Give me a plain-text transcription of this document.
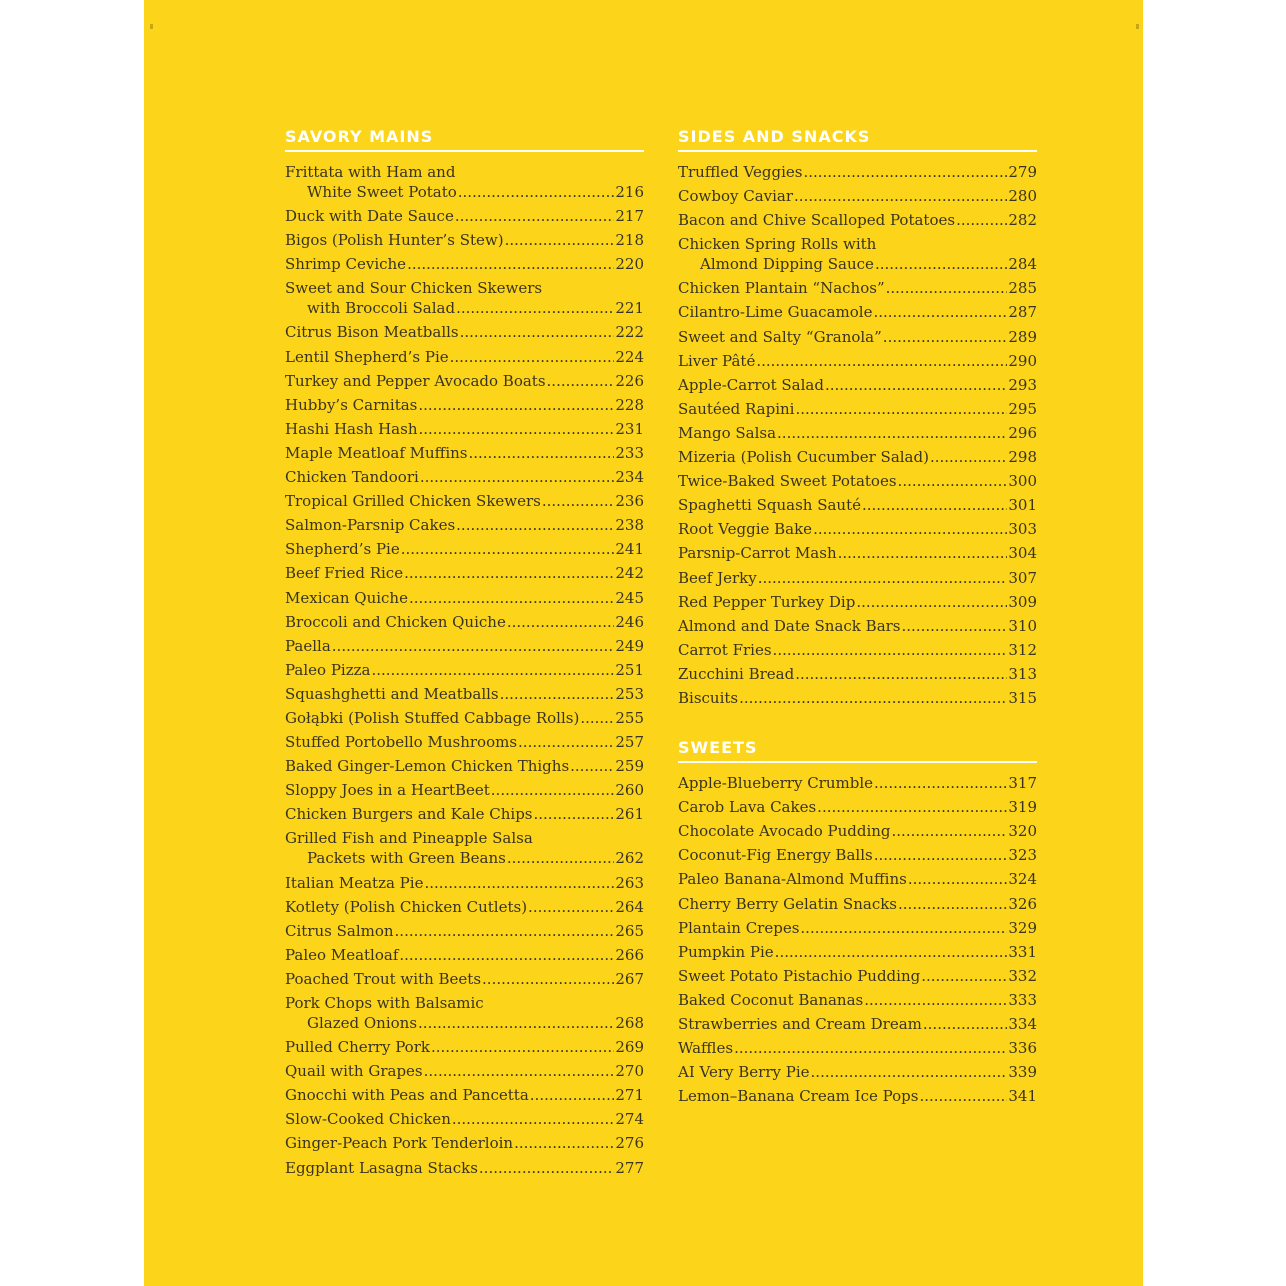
SAVORY MAINS
Frittata with Ham and
White Sweet Potato .....	216
Duck with Date Sauce .....	217
Bigos (Polish Hunter’s Stew) .....	218
Shrimp Ceviche .....	220
Sweet and Sour Chicken Skewers
with Broccoli Salad .....	221
Citrus Bison Meatballs .....	222
Lentil Shepherd’s Pie .....	224
Turkey and Pepper Avocado Boats .....	226
Hubby’s Carnitas .....	228
Hashi Hash Hash .....	231
Maple Meatloaf Muffins .....	233
Chicken Tandoori .....	234
Tropical Grilled Chicken Skewers .....	236
Salmon-Parsnip Cakes .....	238
Shepherd’s Pie .....	241
Beef Fried Rice .....	242
Mexican Quiche .....	245
Broccoli and Chicken Quiche .....	246
Paella .....	249
Paleo Pizza .....	251
Squashghetti and Meatballs .....	253
Gołąbki (Polish Stuffed Cabbage Rolls) ..... 255
Stuffed Portobello Mushrooms .....	257
Baked Ginger-Lemon Chicken Thighs .....	259
Sloppy Joes in a HeartBeet .....	260
Chicken Burgers and Kale Chips .....	261
Grilled Fish and Pineapple Salsa
Packets with Green Beans .....	262
Italian Meatza Pie .....	263
Kotlety (Polish Chicken Cutlets) .....	264
Citrus Salmon .....	265
Paleo Meatloaf .....	266
Poached Trout with Beets .....	267
Pork Chops with Balsamic
Glazed Onions .....	268
Pulled Cherry Pork .....	269
Quail with Grapes .....	270
Gnocchi with Peas and Pancetta .....	271
Slow-Cooked Chicken .....	274
Ginger-Peach Pork Tenderloin .....	276
Eggplant Lasagna Stacks .....	277
SIDES AND SNACKS
Truffled Veggies .....	279
Cowboy Caviar .....	280
Bacon and Chive Scalloped Potatoes .....	282
Chicken Spring Rolls with
Almond Dipping Sauce .....	284
Chicken Plantain “Nachos” .....	285
Cilantro-Lime Guacamole .....	287
Sweet and Salty “Granola” .....	289
Liver Pâté .....	290
Apple-Carrot Salad .....	293
Sautéed Rapini .....	295
Mango Salsa .....	296
Mizeria (Polish Cucumber Salad) .....	298
Twice-Baked Sweet Potatoes .....	300
Spaghetti Squash Sauté .....	301
Root Veggie Bake .....	303
Parsnip-Carrot Mash .....	304
Beef Jerky .....	307
Red Pepper Turkey Dip .....	309
Almond and Date Snack Bars .....	310
Carrot Fries .....	312
Zucchini Bread .....	313
Biscuits .....	315
SWEETS
Apple-Blueberry Crumble .....	317
Carob Lava Cakes .....	319
Chocolate Avocado Pudding .....	320
Coconut-Fig Energy Balls .....	323
Paleo Banana-Almond Muffins .....	324
Cherry Berry Gelatin Snacks .....	326
Plantain Crepes .....	329
Pumpkin Pie .....	331
Sweet Potato Pistachio Pudding .....	332
Baked Coconut Bananas .....	333
Strawberries and Cream Dream .....	334
Waffles .....	336
AI Very Berry Pie .....	339
Lemon–Banana Cream Ice Pops .....	341
